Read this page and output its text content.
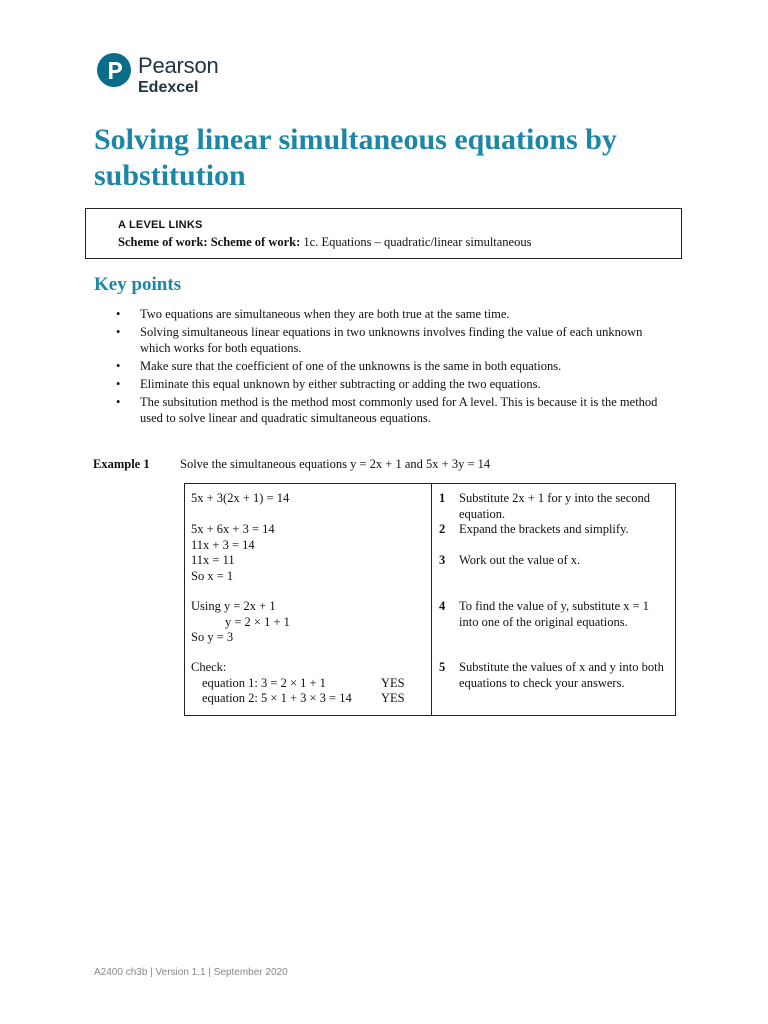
Pearson
Edexcel
Solving linear simultaneous equations by substitution
A LEVEL LINKS
Scheme of work: Scheme of work: 1c. Equations – quadratic/linear simultaneous
Key points
• Two equations are simultaneous when they are both true at the same time.
• Solving simultaneous linear equations in two unknowns involves finding the value of each unknown which works for both equations.
• Make sure that the coefficient of one of the unknowns is the same in both equations.
• Eliminate this equal unknown by either subtracting or adding the two equations.
• The subsitution method is the method most commonly used for A level. This is because it is the method used to solve linear and quadratic simultaneous equations.
Example 1 Solve the simultaneous equations y = 2x + 1 and 5x + 3y = 14
5x + 3(2x + 1) = 14
5x + 6x + 3 = 14
11x + 3 = 14
11x = 11
So x = 1
Using y = 2x + 1
y = 2 × 1 + 1
So y = 3
Check:
equation 1: 3 = 2 × 1 + 1	YES
equation 2: 5 × 1 + 3 × 3 = 14 YES
1 Substitute 2x + 1 for y into the second equation.
2 Expand the brackets and simplify.
3 Work out the value of x.
4 To find the value of y, substitute x = 1 into one of the original equations.
5 Substitute the values of x and y into both equations to check your answers.
A2400 ch3b | Version 1.1 | September 2020
